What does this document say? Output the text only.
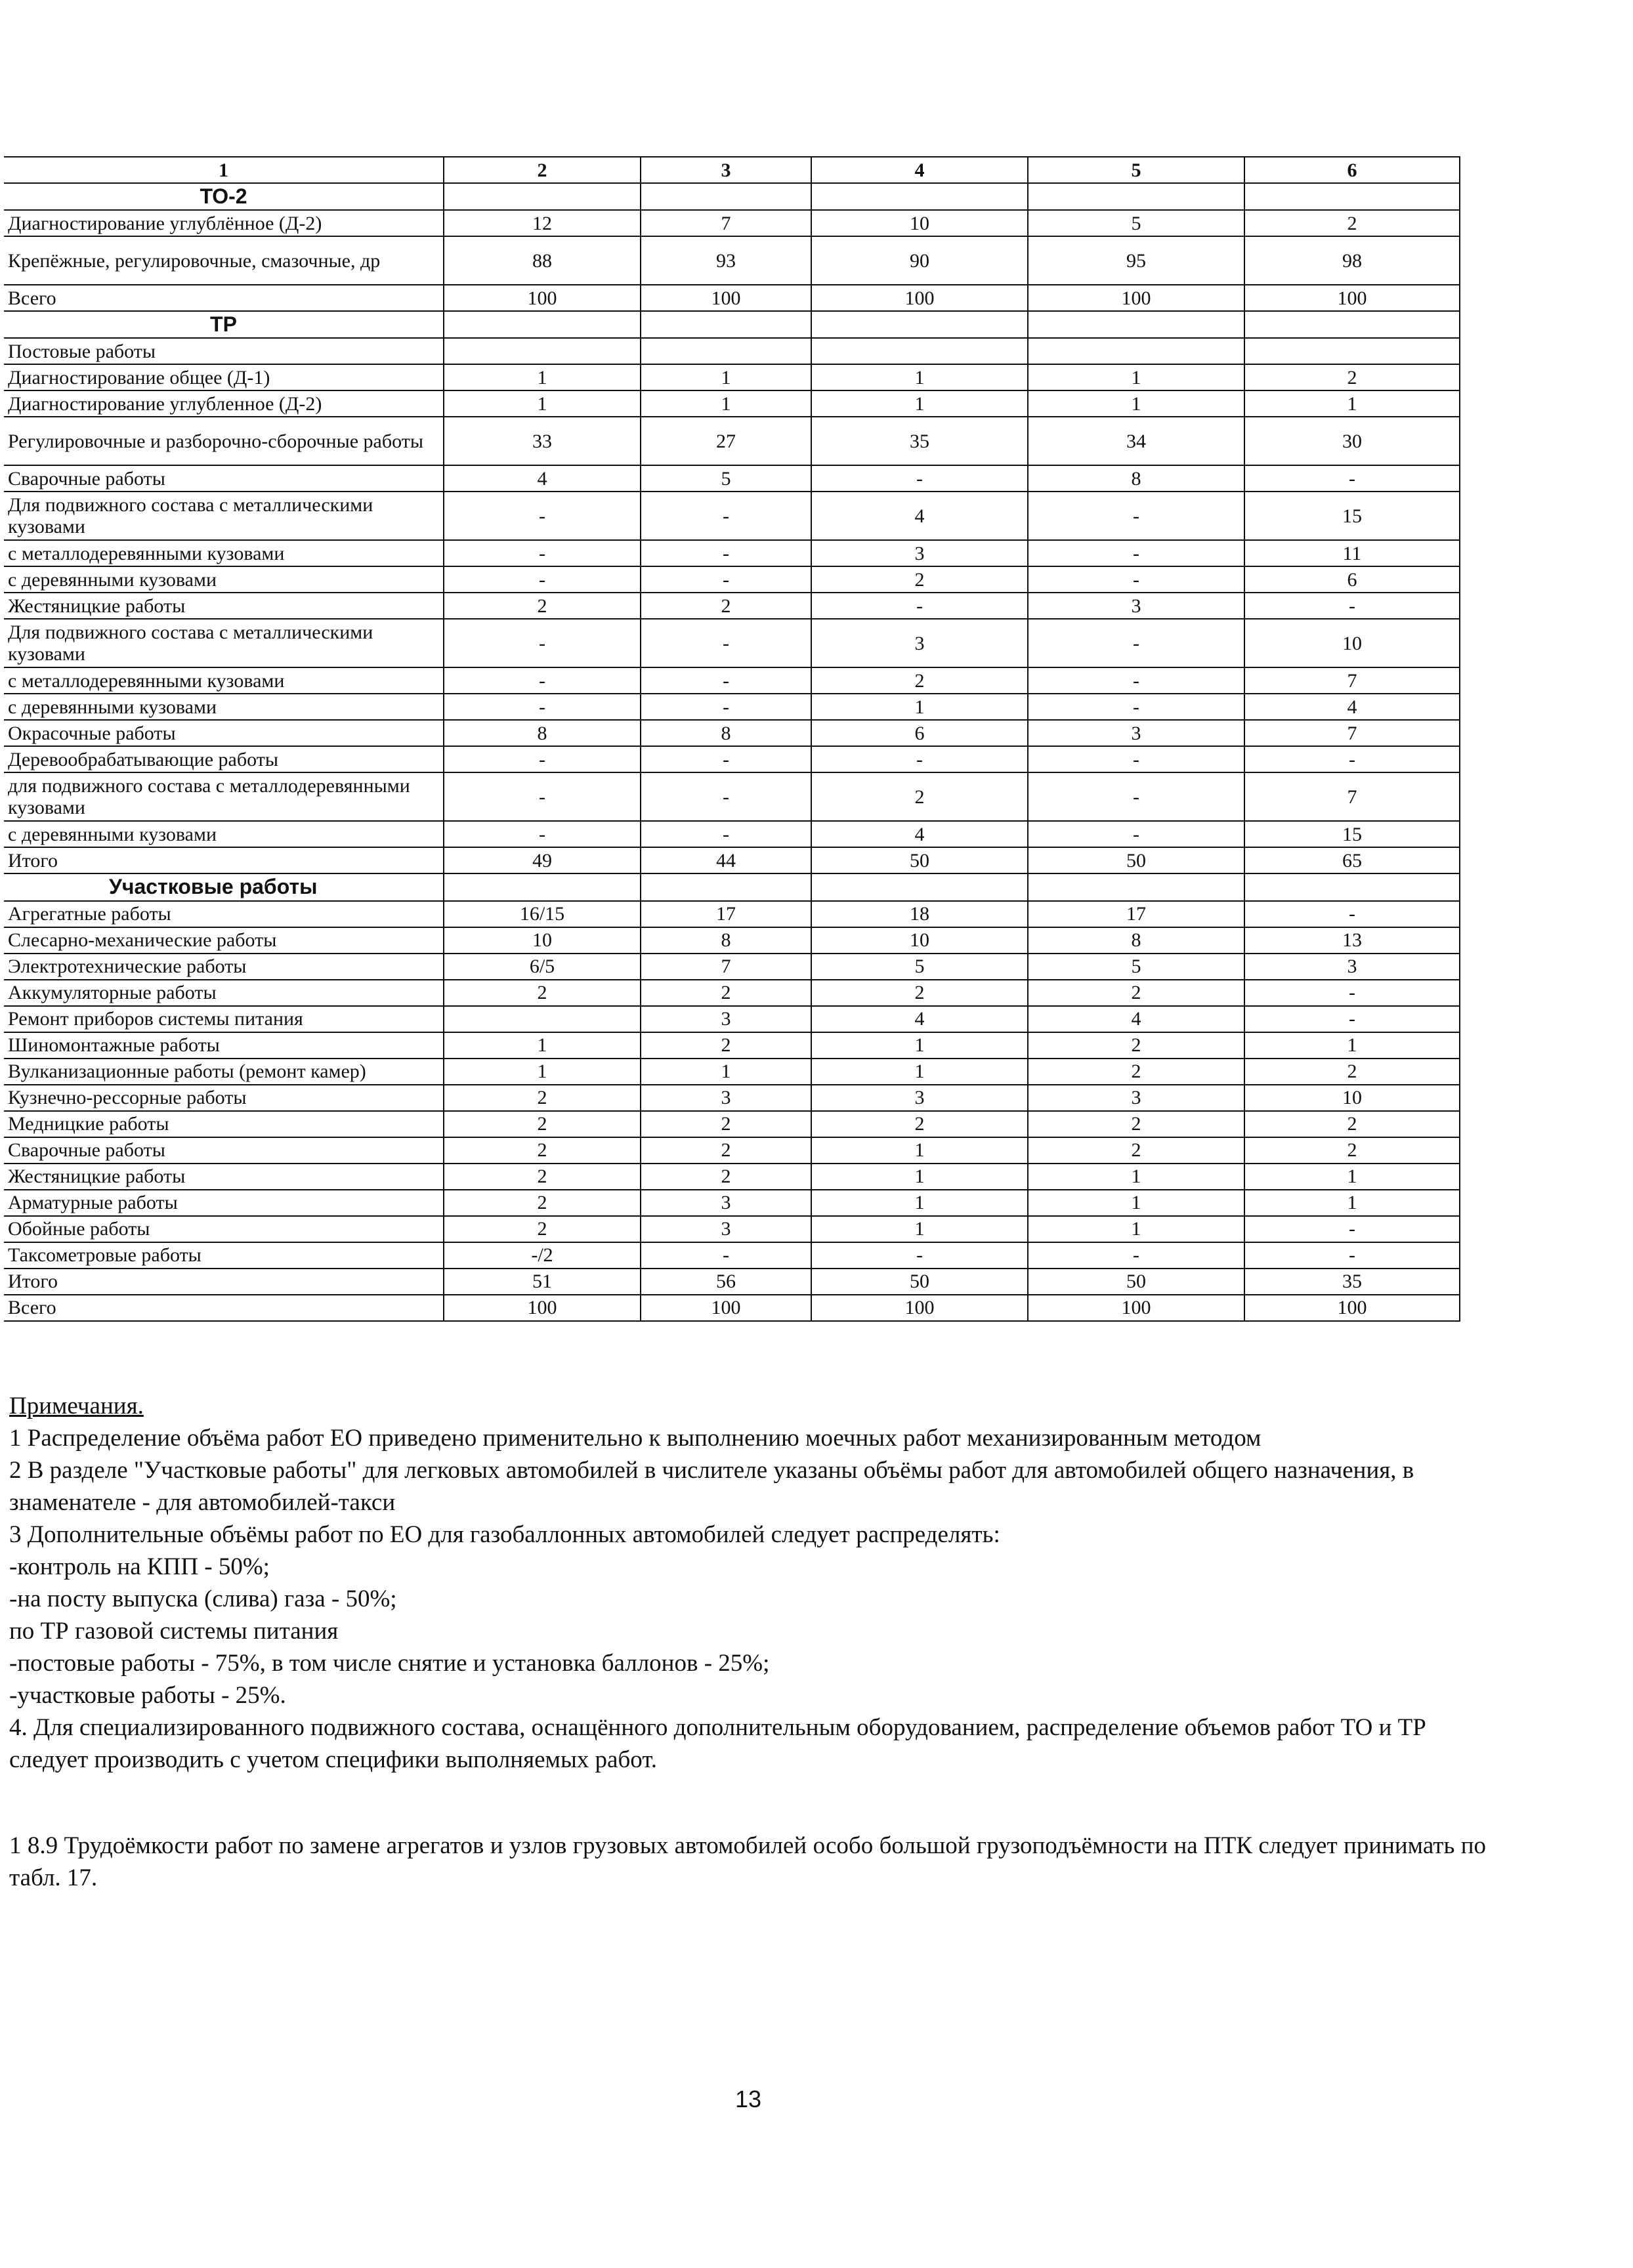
1	2	3	4	5	6
ТО-2					
Диагностирование углублённое (Д-2)	12	7	10	5	2
Крепёжные, регулировочные, смазочные, др	88	93	90	95	98
Всего	100	100	100	100	100
ТР					
Постовые работы					
Диагностирование общее (Д-1)	1	1	1	1	2
Диагностирование углубленное (Д-2)	1	1	1	1	1
Регулировочные и разборочно-сборочные работы	33	27	35	34	30
Сварочные работы	4	5	-	8	-
Для подвижного состава с металлическими кузовами	-	-	4	-	15
с металлодеревянными кузовами	-	-	3	-	11
с деревянными кузовами	-	-	2	-	6
Жестяницкие работы	2	2	-	3	-
Для подвижного состава с металлическими кузовами	-	-	3	-	10
с металлодеревянными кузовами	-	-	2	-	7
с деревянными кузовами	-	-	1	-	4
Окрасочные работы	8	8	6	3	7
Деревообрабатывающие работы	-	-	-	-	-
для подвижного состава с металлодеревянными кузовами	-	-	2	-	7
с деревянными кузовами	-	-	4	-	15
Итого	49	44	50	50	65
Участковые работы					
Агрегатные работы	16/15	17	18	17	-
Слесарно-механические работы	10	8	10	8	13
Электротехнические работы	6/5	7	5	5	3
Аккумуляторные работы	2	2	2	2	-
Ремонт приборов системы питания		3	4	4	-
Шиномонтажные работы	1	2	1	2	1
Вулканизационные работы (ремонт камер)	1	1	1	2	2
Кузнечно-рессорные работы	2	3	3	3	10
Медницкие работы	2	2	2	2	2
Сварочные работы	2	2	1	2	2
Жестяницкие работы	2	2	1	1	1
Арматурные работы	2	3	1	1	1
Обойные работы	2	3	1	1	-
Таксометровые работы	-/2	-	-	-	-
Итого	51	56	50	50	35
Всего	100	100	100	100	100

Примечания.

1 Распределение объёма работ ЕО приведено применительно к выполнению моечных работ механизированным методом

2 В разделе "Участковые работы" для легковых автомобилей в числителе указаны объёмы работ для автомобилей общего назначения, в знаменателе - для автомобилей-такси

3 Дополнительные объёмы работ по ЕО для газобаллонных автомобилей следует распределять:

-контроль на КПП - 50%;

-на посту выпуска (слива) газа - 50%;

по ТР газовой системы питания

-постовые работы - 75%, в том числе снятие и установка баллонов - 25%;

-участковые работы - 25%.

4. Для специализированного подвижного состава, оснащённого дополнительным оборудованием, распределение объемов работ ТО и ТР следует производить с учетом специфики выполняемых работ.

1 8.9 Трудоёмкости работ по замене агрегатов и узлов грузовых автомобилей особо большой грузоподъёмности на ПТК следует принимать по табл. 17.

13
